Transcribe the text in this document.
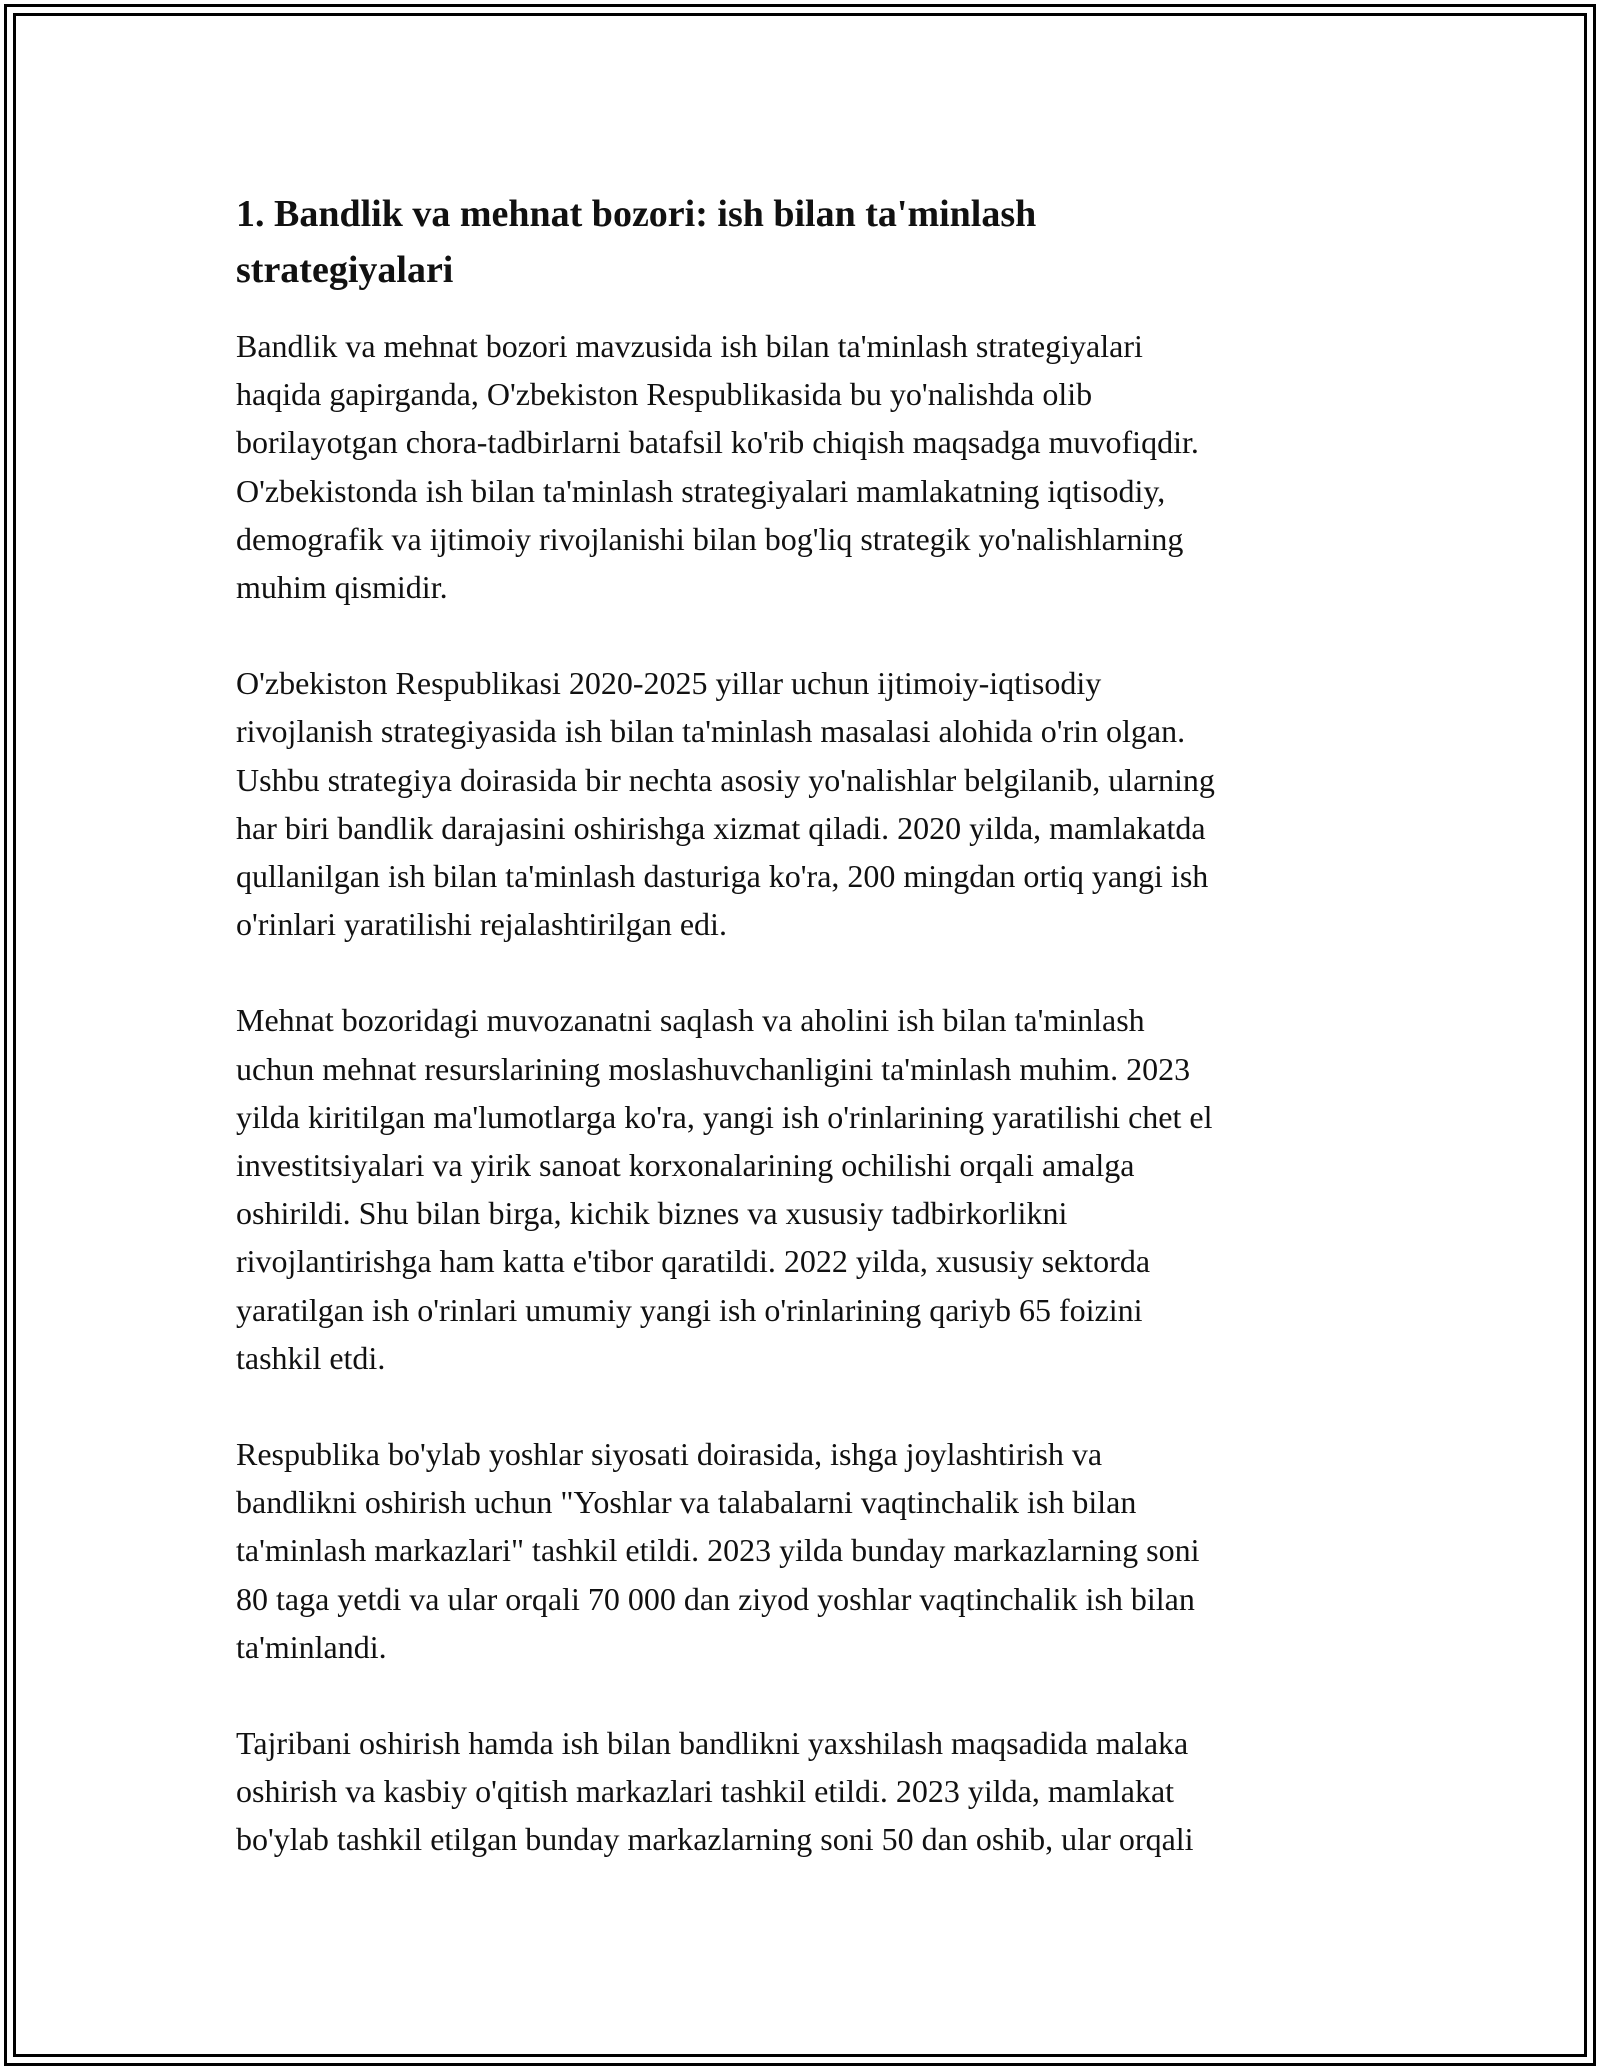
1. Bandlik va mehnat bozori: ish bilan ta'minlash
strategiyalari

Bandlik va mehnat bozori mavzusida ish bilan ta'minlash strategiyalari
haqida gapirganda, O'zbekiston Respublikasida bu yo'nalishda olib
borilayotgan chora-tadbirlarni batafsil ko'rib chiqish maqsadga muvofiqdir.
O'zbekistonda ish bilan ta'minlash strategiyalari mamlakatning iqtisodiy,
demografik va ijtimoiy rivojlanishi bilan bog'liq strategik yo'nalishlarning
muhim qismidir.

O'zbekiston Respublikasi 2020-2025 yillar uchun ijtimoiy-iqtisodiy
rivojlanish strategiyasida ish bilan ta'minlash masalasi alohida o'rin olgan.
Ushbu strategiya doirasida bir nechta asosiy yo'nalishlar belgilanib, ularning
har biri bandlik darajasini oshirishga xizmat qiladi. 2020 yilda, mamlakatda
qullanilgan ish bilan ta'minlash dasturiga ko'ra, 200 mingdan ortiq yangi ish
o'rinlari yaratilishi rejalashtirilgan edi.

Mehnat bozoridagi muvozanatni saqlash va aholini ish bilan ta'minlash
uchun mehnat resurslarining moslashuvchanligini ta'minlash muhim. 2023
yilda kiritilgan ma'lumotlarga ko'ra, yangi ish o'rinlarining yaratilishi chet el
investitsiyalari va yirik sanoat korxonalarining ochilishi orqali amalga
oshirildi. Shu bilan birga, kichik biznes va xususiy tadbirkorlikni
rivojlantirishga ham katta e'tibor qaratildi. 2022 yilda, xususiy sektorda
yaratilgan ish o'rinlari umumiy yangi ish o'rinlarining qariyb 65 foizini
tashkil etdi.

Respublika bo'ylab yoshlar siyosati doirasida, ishga joylashtirish va
bandlikni oshirish uchun "Yoshlar va talabalarni vaqtinchalik ish bilan
ta'minlash markazlari" tashkil etildi. 2023 yilda bunday markazlarning soni
80 taga yetdi va ular orqali 70 000 dan ziyod yoshlar vaqtinchalik ish bilan
ta'minlandi.

Tajribani oshirish hamda ish bilan bandlikni yaxshilash maqsadida malaka
oshirish va kasbiy o'qitish markazlari tashkil etildi. 2023 yilda, mamlakat
bo'ylab tashkil etilgan bunday markazlarning soni 50 dan oshib, ular orqali
